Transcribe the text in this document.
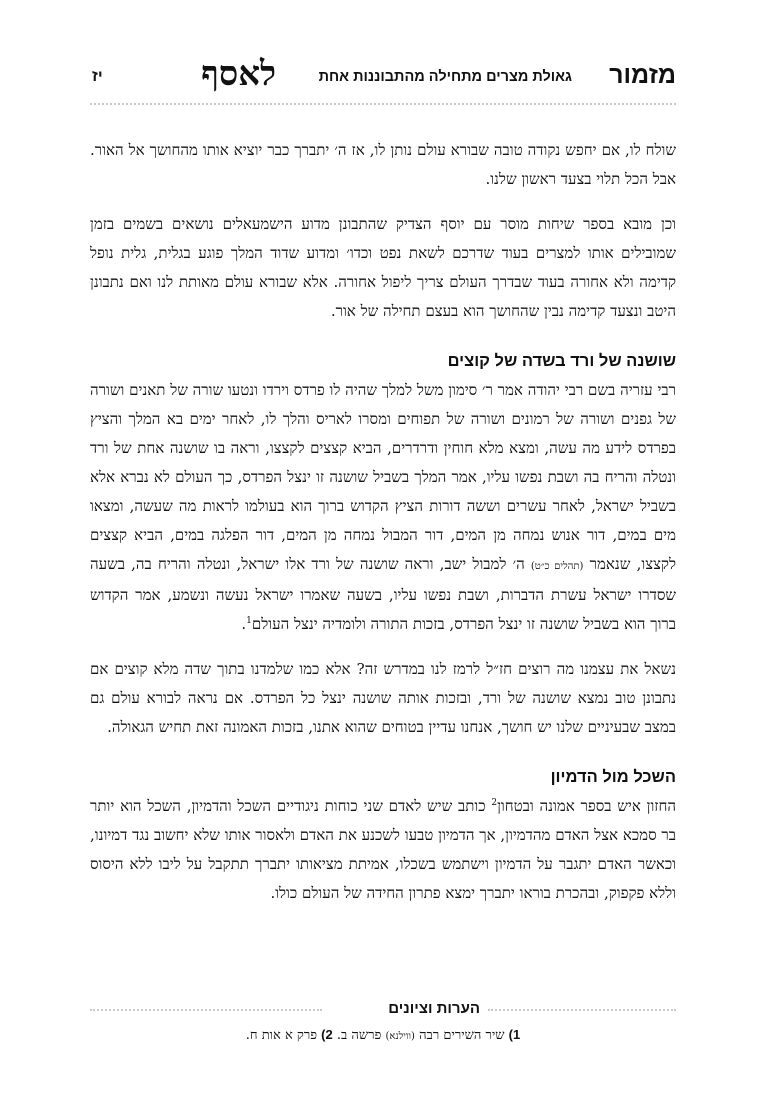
מזמור
גאולת מצרים מתחילה מהתבוננות אחת
לאסף
יז

שולח לו, אם יחפש נקודה טובה שבורא עולם נותן לו, אז ה׳ יתברך כבר יוציא אותו מהחושך אל האור. אבל הכל תלוי בצעד ראשון שלנו.

וכן מובא בספר שיחות מוסר עם יוסף הצדיק שהתבונן מדוע הישמעאלים נושאים בשמים בזמן שמובילים אותו למצרים בעוד שדרכם לשאת נפט וכדו׳ ומדוע שדוד המלך פוגע בגלית, גלית נופל קדימה ולא אחורה בעוד שבדרך העולם צריך ליפול אחורה. אלא שבורא עולם מאותת לנו ואם נתבונן היטב ונצעד קדימה נבין שהחושך הוא בעצם תחילה של אור.

שושנה של ורד בשדה של קוצים

רבי עזריה בשם רבי יהודה אמר ר׳ סימון משל למלך שהיה לו פרדס וירדו ונטעו שורה של תאנים ושורה של גפנים ושורה של רמונים ושורה של תפוחים ומסרו לאריס והלך לו, לאחר ימים בא המלך והציץ בפרדס לידע מה עשה, ומצא מלא חוחין ודרדרים, הביא קצצים לקצצו, וראה בו שושנה אחת של ורד ונטלה והריח בה ושבת נפשו עליו, אמר המלך בשביל שושנה זו ינצל הפרדס, כך העולם לא נברא אלא בשביל ישראל, לאחר עשרים וששה דורות הציץ הקדוש ברוך הוא בעולמו לראות מה שעשה, ומצאו מים במים, דור אנוש נמחה מן המים, דור המבול נמחה מן המים, דור הפלגה במים, הביא קצצים לקצצו, שנאמר (תהלים כ״ט) ה׳ למבול ישב, וראה שושנה של ורד אלו ישראל, ונטלה והריח בה, בשעה שסדרו ישראל עשרת הדברות, ושבת נפשו עליו, בשעה שאמרו ישראל נעשה ונשמע, אמר הקדוש ברוך הוא בשביל שושנה זו ינצל הפרדס, בזכות התורה ולומדיה ינצל העולם$^1$.

נשאל את עצמנו מה רוצים חז״ל לרמז לנו במדרש זה? אלא כמו שלמדנו בתוך שדה מלא קוצים אם נתבונן טוב נמצא שושנה של ורד, ובזכות אותה שושנה ינצל כל הפרדס. אם נראה לבורא עולם גם במצב שבעיניים שלנו יש חושך, אנחנו עדיין בטוחים שהוא אתנו, בזכות האמונה זאת תחיש הגאולה.

השכל מול הדמיון

החזון איש בספר אמונה ובטחון$^2$ כותב שיש לאדם שני כוחות ניגודיים השכל והדמיון, השכל הוא יותר בר סמכא אצל האדם מהדמיון, אך הדמיון טבעו לשכנע את האדם ולאסור אותו שלא יחשוב נגד דמיונו, וכאשר האדם יתגבר על הדמיון וישתמש בשכלו, אמיתת מציאותו יתברך תתקבל על ליבו ללא היסוס וללא פקפוק, ובהכרת בוראו יתברך ימצא פתרון החידה של העולם כולו.

הערות וציונים
1) שיר השירים רבה (ווילנא) פרשה ב. 2) פרק א אות ח.
